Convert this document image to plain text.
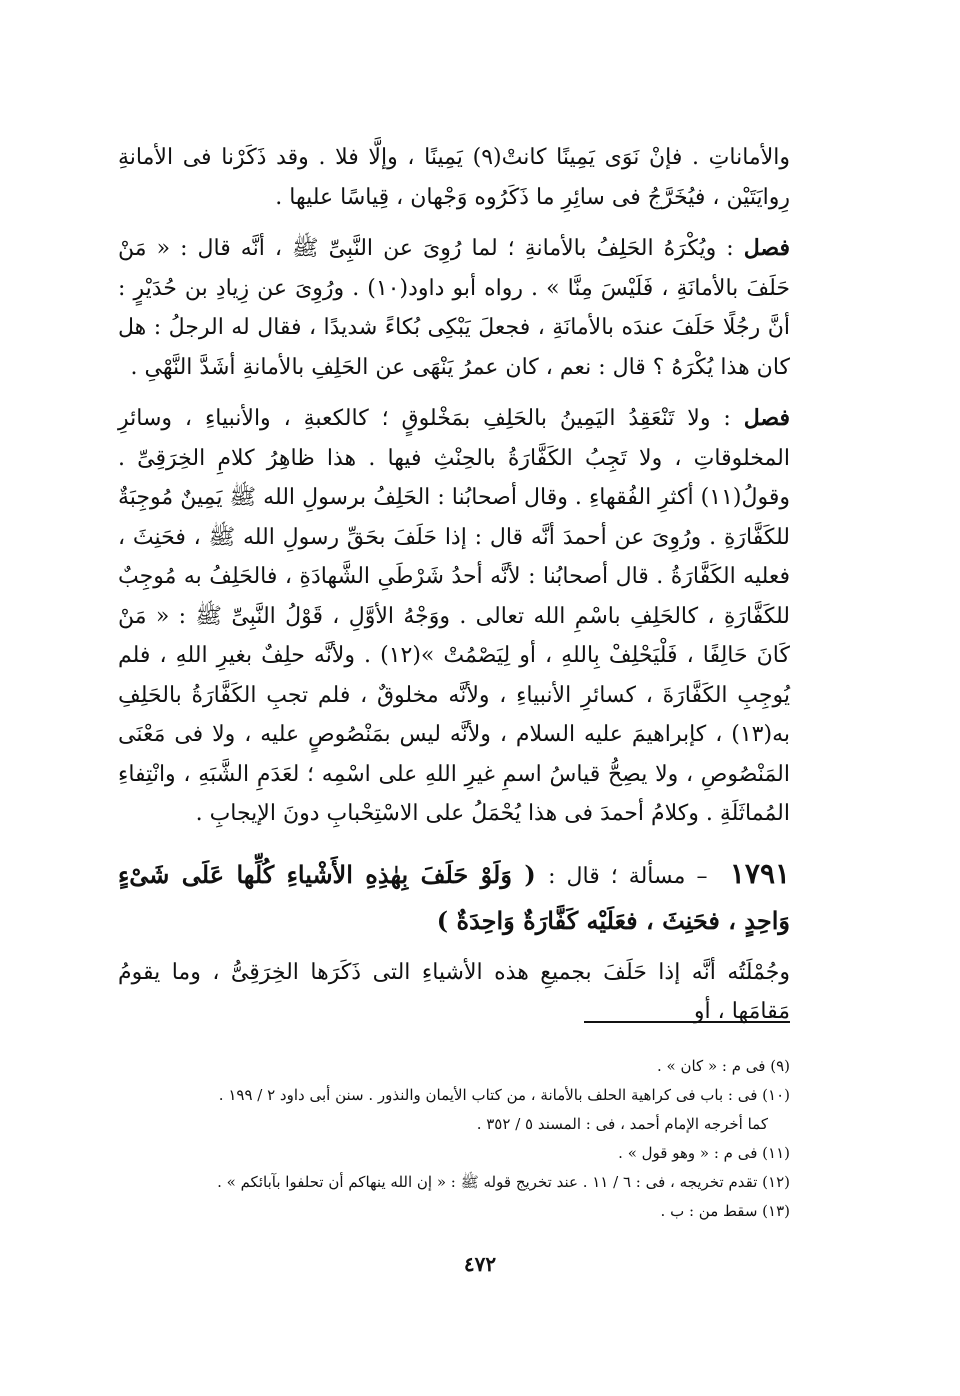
والأماناتِ . فإنْ نَوَى يَمِينًا كانتْ(٩) يَمِينًا ، وإلَّا فلا . وقد ذَكَرْنا فى الأمانةِ رِوايَتَيْن ، فيُخَرَّجُ فى سائِرِ ما ذَكَرُوه وَجْهان ، قِياسًا عليها .

فصل : ويُكْرَهُ الحَلِفُ بالأمانةِ ؛ لما رُوِىَ عن النَّبِىِّ ﷺ ، أنَّه قال : « مَنْ حَلَفَ بالأمانَةِ ، فَلَيْسَ مِنَّا » . رواه أبو داود(١٠) . ورُوِىَ عن زِيادِ بن حُدَيْرٍ : أنَّ رجُلًا حَلَفَ عندَه بالأمانَةِ ، فجعلَ يَبْكِى بُكاءً شديدًا ، فقال له الرجلُ : هل كان هذا يُكْرَهُ ؟ قال : نعم ، كان عمرُ يَنْهَى عن الحَلِفِ بالأمانةِ أشَدَّ النَّهْىِ .

فصل : ولا تَنْعَقِدُ اليَمِينُ بالحَلِفِ بمَخْلوقٍ ؛ كالكعبةِ ، والأنبياءِ ، وسائرِ المخلوقاتِ ، ولا تَجِبُ الكَفَّارَةُ بالحِنْثِ فيها . هذا ظاهِرُ كلامِ الخِرَقِىِّ . وقولُ(١١) أكثرِ الفُقهاءِ . وقال أصحابُنا : الحَلِفُ برسولِ الله ﷺ يَمِينٌ مُوجِبَةٌ للكَفَّارَةِ . ورُوِىَ عن أحمدَ أنَّه قال : إذا حَلَفَ بحَقِّ رسولِ الله ﷺ ، فحَنِثَ ، فعليه الكَفَّارَةُ . قال أصحابُنا : لأنَّه أحدُ شَرْطَىِ الشَّهادَةِ ، فالحَلِفُ به مُوجِبٌ للكَفَّارَةِ ، كالحَلِفِ باسْمِ الله تعالى . ووَجْهُ الأوَّلِ ، قَوْلُ النَّبِىِّ ﷺ : « مَنْ كَانَ حَالِفًا ، فَلْيَحْلِفْ بِاللهِ ، أو لِيَصْمُتْ »(١٢) . ولأنَّه حلِفٌ بغيرِ اللهِ ، فلم يُوجِبِ الكَفَّارَةَ ، كسائرِ الأنبياءِ ، ولأنَّه مخلوقٌ ، فلم تجبِ الكَفَّارَةُ بالحَلِفِ به(١٣) ، كإبراهيمَ عليه السلام ، ولأنَّه ليس بمَنْصُوصٍ عليه ، ولا فى مَعْنَى المَنْصُوصِ ، ولا يصِحُّ قياسُ اسمِ غيرِ اللهِ على اسْمِه ؛ لعَدَمِ الشَّبَهِ ، وانْتِفاءِ المُماثَلَةِ . وكلامُ أحمدَ فى هذا يُحْمَلُ على الاسْتِحْبابِ دونَ الإيجابِ .

١٧٩١ – مسألة ؛ قال : ( وَلَوْ حَلَفَ بِهٰذِهِ الأَشْياءِ كُلِّها عَلَى شَىْءٍ وَاحِدٍ ، فحَنِثَ ، فعَلَيْه كَفَّارَةٌ وَاحِدَةٌ )

وجُمْلَتُه أنَّه إذا حَلَفَ بجميعِ هذه الأشياءِ التى ذَكَرَها الخِرَقِىُّ ، وما يقومُ مَقامَها ، أو

(٩) فى م : « كان » .

(١٠) فى : باب فى كراهية الحلف بالأمانة ، من كتاب الأيمان والنذور . سنن أبى داود ٢ / ١٩٩ .

كما أخرجه الإمام أحمد ، فى : المسند ٥ / ٣٥٢ .

(١١) فى م : « وهو قول » .

(١٢) تقدم تخريجه ، فى : ٦ / ١١ . عند تخريج قوله ﷺ : « إن الله ينهاكم أن تحلفوا بآبائكم » .

(١٣) سقط من : ب .

٤٧٢
